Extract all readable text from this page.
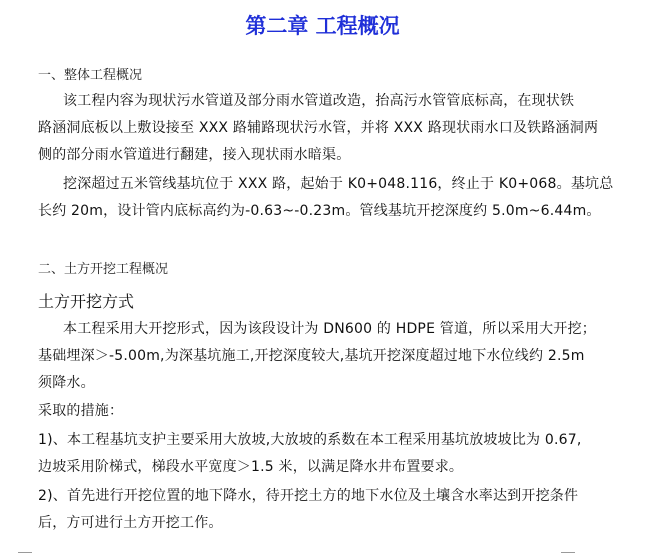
第二章 工程概况
一、整体工程概况
该工程内容为现状污水管道及部分雨水管道改造，抬高污水管管底标高，在现状铁
路涵洞底板以上敷设接至 XXX 路辅路现状污水管，并将 XXX 路现状雨水口及铁路涵洞两
侧的部分雨水管道进行翻建，接入现状雨水暗渠。
挖深超过五米管线基坑位于 XXX 路，起始于 K0+048.116，终止于 K0+068。基坑总
长约 20m，设计管内底标高约为-0.63~-0.23m。管线基坑开挖深度约 5.0m~6.44m。
二、土方开挖工程概况
土方开挖方式
本工程采用大开挖形式，因为该段设计为 DN600 的 HDPE 管道，所以采用大开挖；
基础埋深＞-5.00m,为深基坑施工,开挖深度较大,基坑开挖深度超过地下水位线约 2.5m
须降水。
采取的措施：
1)、本工程基坑支护主要采用大放坡,大放坡的系数在本工程采用基坑放坡坡比为 0.67,
边坡采用阶梯式，梯段水平宽度＞1.5 米，以满足降水井布置要求。
2)、首先进行开挖位置的地下降水，待开挖土方的地下水位及土壤含水率达到开挖条件
后，方可进行土方开挖工作。
